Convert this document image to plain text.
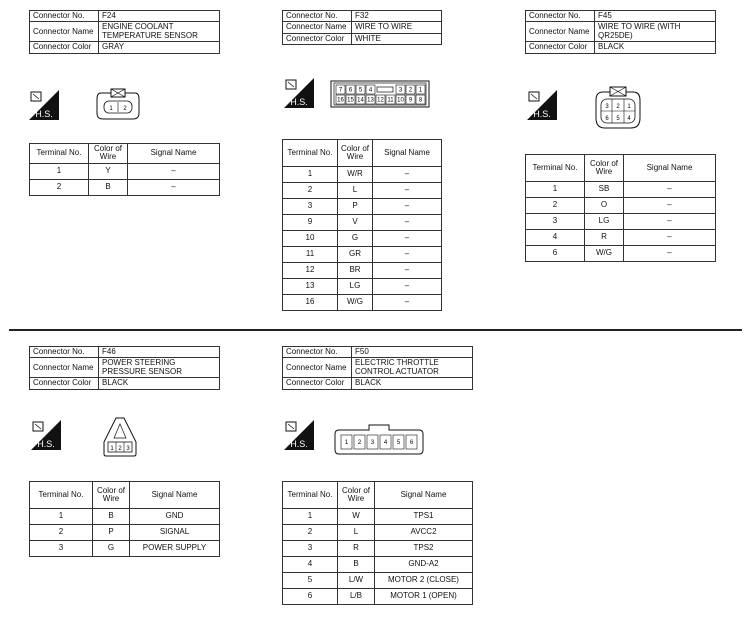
Connector No.	F24
Connector Name	ENGINE COOLANT TEMPERATURE SENSOR
Connector Color	GRAY
H.S.	1 2
Terminal No.	Color of Wire	Signal Name
1	Y	–
2	B	–
Connector No.	F32
Connector Name	WIRE TO WIRE
Connector Color	WHITE
H.S.
7 6 5 4	3 2 1
16 15 14 13 12 11 10 9 8
Terminal No.	Color of Wire	Signal Name
1	W/R	–
2	L	–
3	P	–
9	V	–
10	G	–
11	GR	–
12	BR	–
13	LG	–
16	W/G	–
Connector No.	F45
Connector Name	WIRE TO WIRE (WITH QR25DE)
Connector Color	BLACK
H.S.
3 2 1
6 5 4
Terminal No.	Color of Wire	Signal Name
1	SB	–
2	O	–
3	LG	–
4	R	–
6	W/G	–
Connector No.	F46
Connector Name	POWER STEERING PRESSURE SENSOR
Connector Color	BLACK
H.S.	1 2 3
Terminal No.	Color of Wire	Signal Name
1	B	GND
2	P	SIGNAL
3	G	POWER SUPPLY
Connector No.	F50
Connector Name	ELECTRIC THROTTLE CONTROL ACTUATOR
Connector Color	BLACK
H.S.	1 2 3 4 5 6
Terminal No.	Color of Wire	Signal Name
1	W	TPS1
2	L	AVCC2
3	R	TPS2
4	B	GND-A2
5	L/W	MOTOR 2 (CLOSE)
6	L/B	MOTOR 1 (OPEN)
